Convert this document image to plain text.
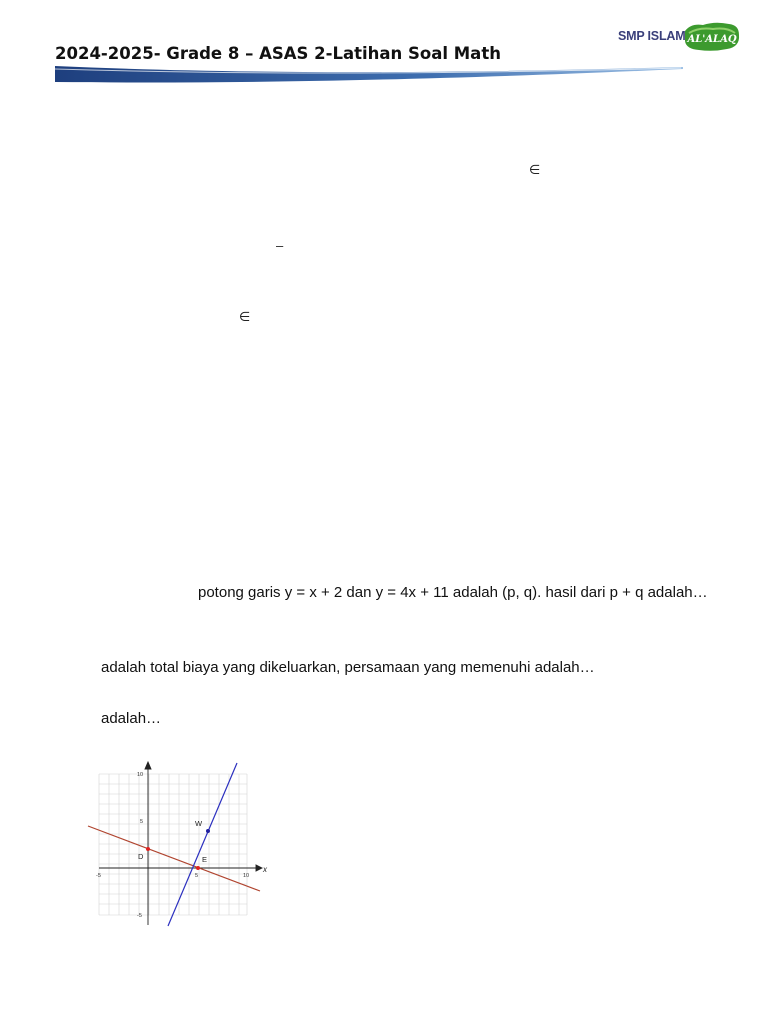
2024-2025- Grade 8 – ASAS 2-Latihan Soal Math
SMP ISLAM AL'ALAQ
∈
–
∈
potong garis y = x + 2 dan y = 4x + 11 adalah (p, q). hasil dari p + q adalah…
adalah total biaya yang dikeluarkan, persamaan yang memenuhi adalah…
adalah…
10
5
-5
-5	5	10
x
D	E
W
